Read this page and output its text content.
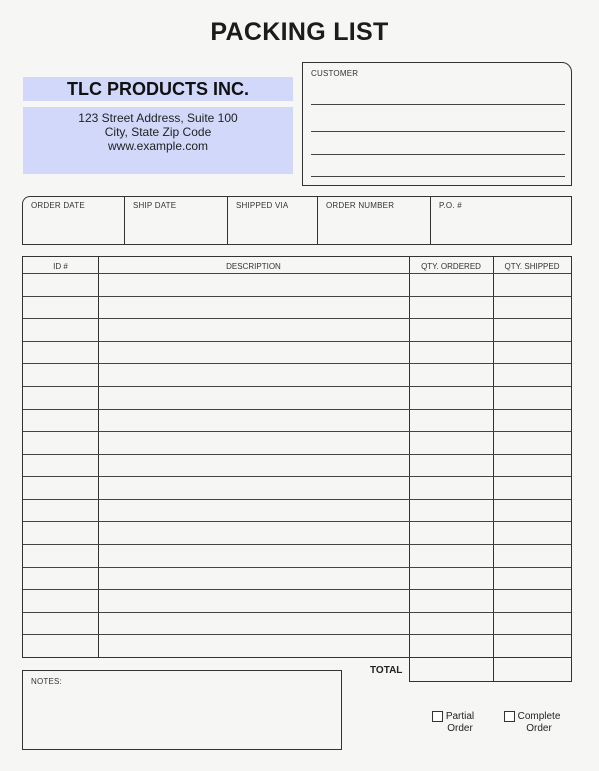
PACKING LIST
TLC PRODUCTS INC.
123 Street Address, Suite 100
City, State Zip Code
www.example.com
CUSTOMER
ORDER DATE	SHIP DATE	SHIPPED VIA	ORDER NUMBER	P.O. #
ID #	DESCRIPTION	QTY. ORDERED	QTY. SHIPPED
TOTAL
NOTES:
Partial
Order
Complete
Order
